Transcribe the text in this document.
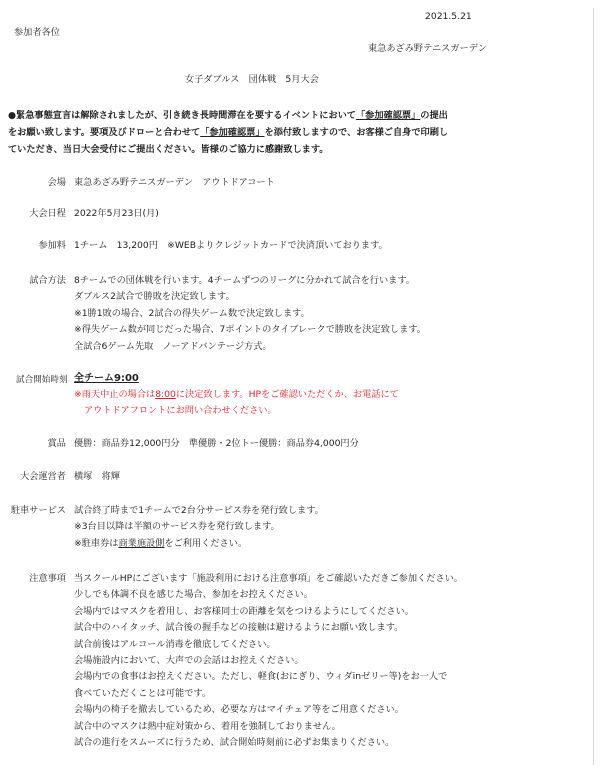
2021.5.21
参加者各位
東急あざみ野テニスガーデン
女子ダブルス　団体戦　5月大会
●緊急事態宣言は解除されましたが、引き続き長時間滞在を要するイベントにおいて「参加確認票」の提出
をお願い致します。要項及びドローと合わせて「参加確認票」を添付致しますので、お客様ご自身で印刷し
ていただき、当日大会受付にご提出ください。皆様のご協力に感謝致します。
会場 東急あざみ野テニスガーデン　アウトドアコート
大会日程 2022年5月23日(月)
参加料 1チーム　13,200円　※WEBよりクレジットカードで決済頂いております。
試合方法 8チームでの団体戦を行います。4チームずつのリーグに分かれて試合を行います。
ダブルス2試合で勝敗を決定致します。
※1勝1敗の場合、2試合の得失ゲーム数で決定致します。
※得失ゲーム数が同じだった場合、7ポイントのタイブレークで勝敗を決定致します。
全試合6ゲーム先取　ノーアドバンテージ方式。
試合開始時刻 全チーム9:00
※雨天中止の場合は8:00に決定致します。HPをご確認いただくか、お電話にて
アウトドアフロントにお問い合わせください。
賞品 優勝：商品券12,000円分　準優勝・2位トー優勝：商品券4,000円分
大会運営者 横塚　将輝
駐車サービス 試合終了時まで1チームで2台分サービス券を発行致します。
※3台目以降は半額のサービス券を発行致します。
※駐車券は商業施設側をご利用ください。
注意事項 当スクールHPにございます「施設利用における注意事項」をご確認いただきご参加ください。
少しでも体調不良を感じた場合、参加をお控えください。
会場内ではマスクを着用し、お客様同士の距離を気をつけるようにしてください。
試合中のハイタッチ、試合後の握手などの接触は避けるようにお願い致します。
試合前後はアルコール消毒を徹底してください。
会場施設内において、大声での会話はお控えください。
会場内での食事はお控えください。ただし、軽食(おにぎり、ウィダinゼリー等)をお一人で
食べていただくことは可能です。
会場内の椅子を撤去しているため、必要な方はマイチェア等をご用意ください。
試合中のマスクは熱中症対策から、着用を強制しておりません。
試合の進行をスムーズに行うため、試合開始時刻前に必ずお集まりください。
